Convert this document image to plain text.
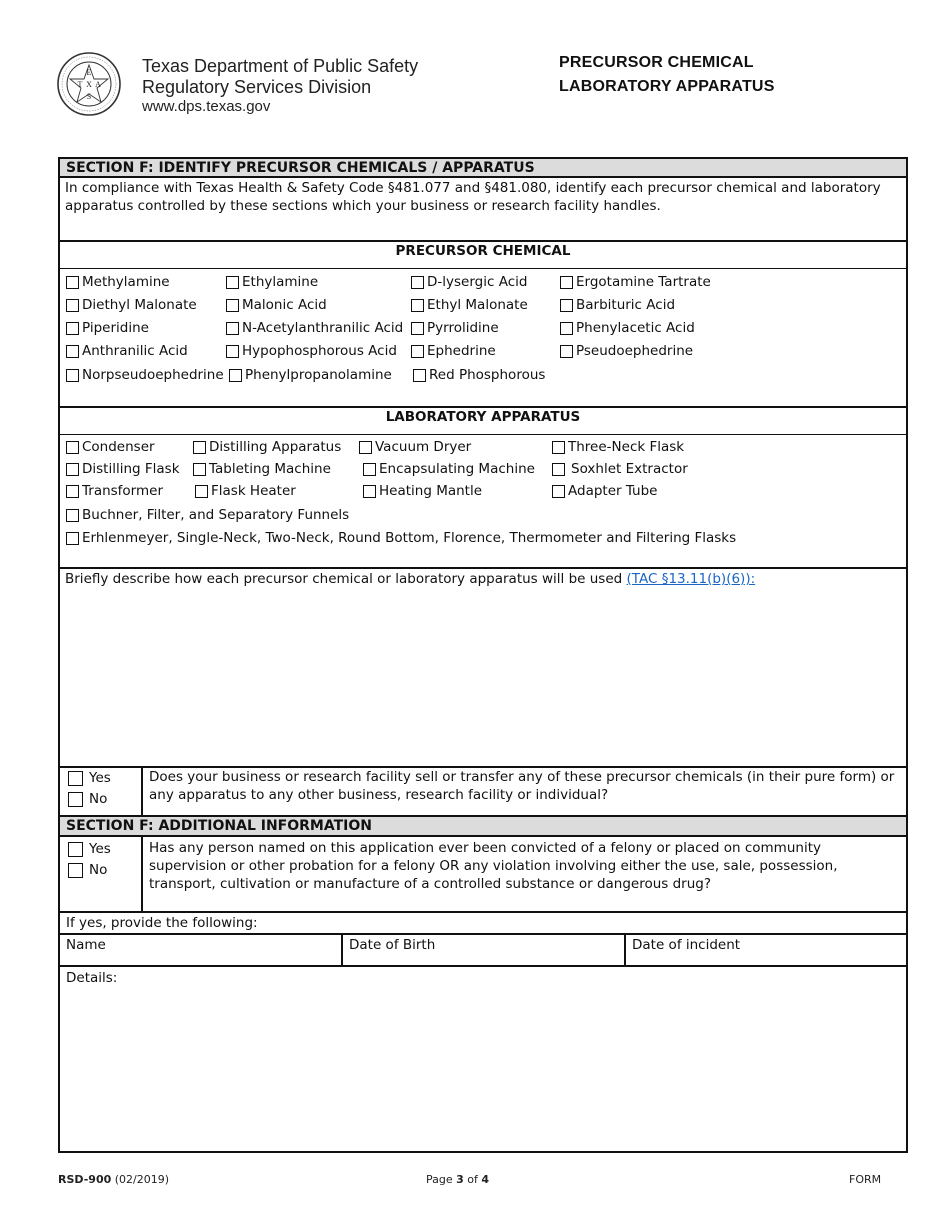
E
T A
X
S
Texas Department of Public Safety
Regulatory Services Division
www.dps.texas.gov
PRECURSOR CHEMICAL
LABORATORY APPARATUS
SECTION F: IDENTIFY PRECURSOR CHEMICALS / APPARATUS
In compliance with Texas Health & Safety Code §481.077 and §481.080, identify each precursor chemical and laboratory apparatus controlled by these sections which your business or research facility handles.
PRECURSOR CHEMICAL
Methylamine	Ethylamine	D-lysergic Acid	Ergotamine Tartrate
Diethyl Malonate	Malonic Acid	Ethyl Malonate	Barbituric Acid
Piperidine	N-Acetylanthranilic Acid Pyrrolidine	Phenylacetic Acid
Anthranilic Acid	Hypophosphorous Acid Ephedrine	Pseudoephedrine
Norpseudoephedrine Phenylpropanolamine	Red Phosphorous
LABORATORY APPARATUS
Condenser	Distilling Apparatus	Vacuum Dryer	Three-Neck Flask
Distilling Flask Tableting Machine	Encapsulating Machine	Soxhlet Extractor
Transformer	Flask Heater	Heating Mantle	Adapter Tube
Buchner, Filter, and Separatory Funnels
Erhlenmeyer, Single-Neck, Two-Neck, Round Bottom, Florence, Thermometer and Filtering Flasks
Briefly describe how each precursor chemical or laboratory apparatus will be used (TAC §13.11(b)(6)):
Yes
No
Does your business or research facility sell or transfer any of these precursor chemicals (in their pure form) or any apparatus to any other business, research facility or individual?
SECTION F: ADDITIONAL INFORMATION
Yes
No
Has any person named on this application ever been convicted of a felony or placed on community supervision or other probation for a felony OR any violation involving either the use, sale, possession, transport, cultivation or manufacture of a controlled substance or dangerous drug?
If yes, provide the following:
Name	Date of Birth	Date of incident
Details:
RSD-900 (02/2019)	Page 3 of 4	FORM
